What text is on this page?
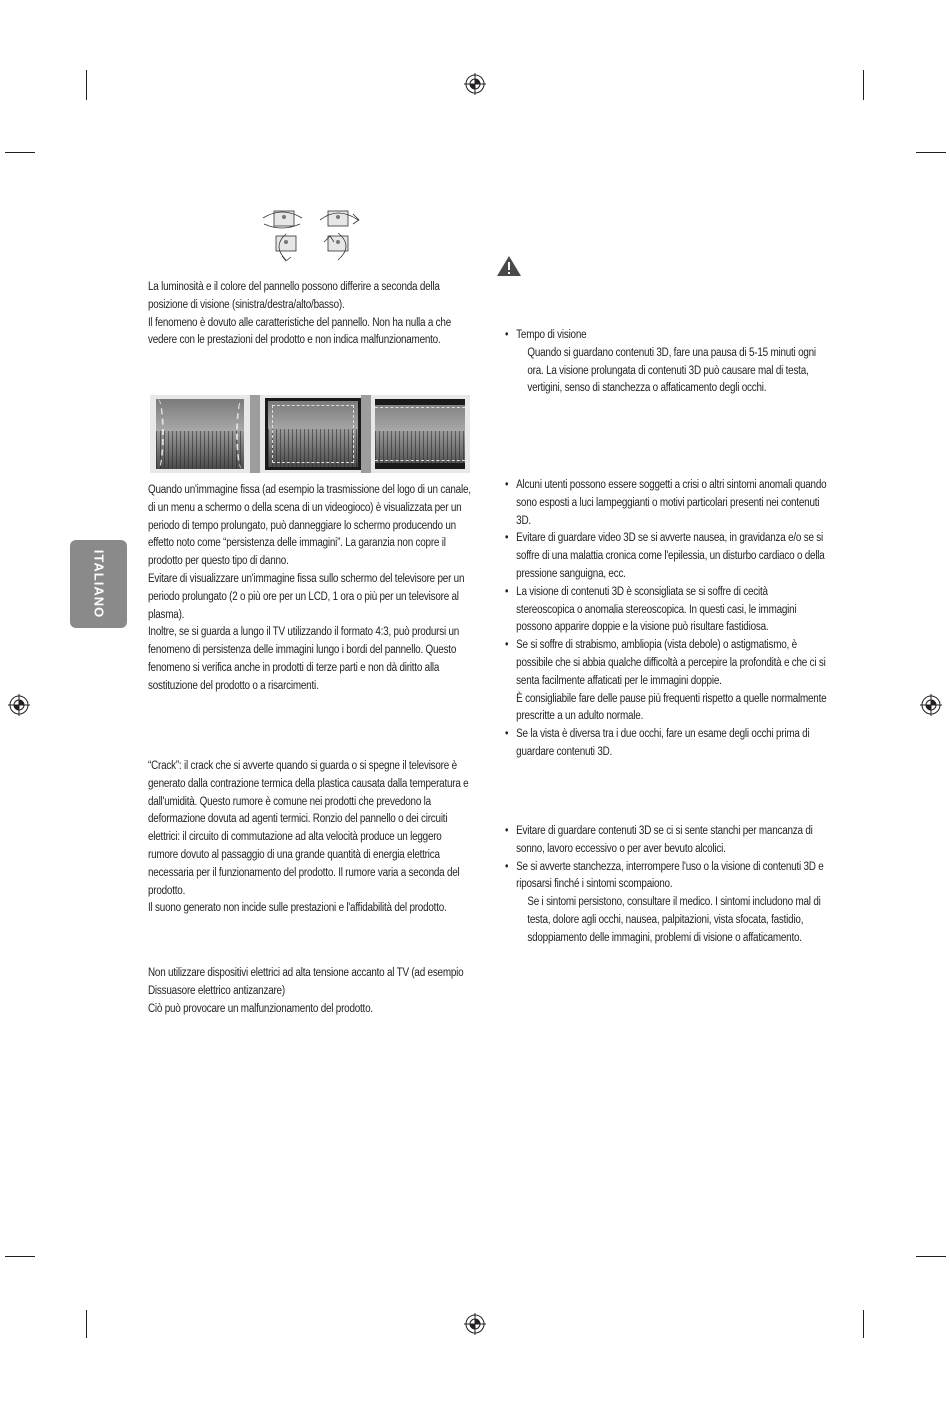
ITALIANO

La luminosità e il colore del pannello possono differire a seconda della posizione di visione (sinistra/destra/alto/basso).

Il fenomeno è dovuto alle caratteristiche del pannello. Non ha nulla a che vedere con le prestazioni del prodotto e non indica malfunzionamento.

Quando un'immagine fissa (ad esempio la trasmissione del logo di un canale, di un menu a schermo o della scena di un videogioco) è visualizzata per un periodo di tempo prolungato, può danneggiare lo schermo producendo un effetto noto come “persistenza delle immagini”. La garanzia non copre il prodotto per questo tipo di danno.

Evitare di visualizzare un'immagine fissa sullo schermo del televisore per un periodo prolungato (2 o più ore per un LCD, 1 ora o più per un televisore al plasma).

Inoltre, se si guarda a lungo il TV utilizzando il formato 4:3, può prodursi un fenomeno di persistenza delle immagini lungo i bordi del pannello. Questo fenomeno si verifica anche in prodotti di terze parti e non dà diritto alla sostituzione del prodotto o a risarcimenti.

“Crack”: il crack che si avverte quando si guarda o si spegne il televisore è generato dalla contrazione termica della plastica causata dalla temperatura e dall'umidità. Questo rumore è comune nei prodotti che prevedono la deformazione dovuta ad agenti termici. Ronzio del pannello o dei circuiti elettrici: il circuito di commutazione ad alta velocità produce un leggero rumore dovuto al passaggio di una grande quantità di energia elettrica necessaria per il funzionamento del prodotto. Il rumore varia a seconda del prodotto.

Il suono generato non incide sulle prestazioni e l'affidabilità del prodotto.

Non utilizzare dispositivi elettrici ad alta tensione accanto al TV (ad esempio Dissuasore elettrico antizanzare)

Ciò può provocare un malfunzionamento del prodotto.

• Tempo di visione
Quando si guardano contenuti 3D, fare una pausa di 5-15 minuti ogni ora. La visione prolungata di contenuti 3D può causare mal di testa, vertigini, senso di stanchezza o affaticamento degli occhi.
• Alcuni utenti possono essere soggetti a crisi o altri sintomi anomali quando sono esposti a luci lampeggianti o motivi particolari presenti nei contenuti 3D.
• Evitare di guardare video 3D se si avverte nausea, in gravidanza e/o se si soffre di una malattia cronica come l'epilessia, un disturbo cardiaco o della pressione sanguigna, ecc.
• La visione di contenuti 3D è sconsigliata se si soffre di cecità stereoscopica o anomalia stereoscopica. In questi casi, le immagini possono apparire doppie e la visione può risultare fastidiosa.
• Se si soffre di strabismo, ambliopia (vista debole) o astigmatismo, è possibile che si abbia qualche difficoltà a percepire la profondità e che ci si senta facilmente affaticati per le immagini doppie.
È consigliabile fare delle pause più frequenti rispetto a quelle normalmente prescritte a un adulto normale.
• Se la vista è diversa tra i due occhi, fare un esame degli occhi prima di guardare contenuti 3D.
• Evitare di guardare contenuti 3D se ci si sente stanchi per mancanza di sonno, lavoro eccessivo o per aver bevuto alcolici.
• Se si avverte stanchezza, interrompere l'uso o la visione di contenuti 3D e riposarsi finché i sintomi scompaiono.
Se i sintomi persistono, consultare il medico. I sintomi includono mal di testa, dolore agli occhi, nausea, palpitazioni, vista sfocata, fastidio, sdoppiamento delle immagini, problemi di visione o affaticamento.
